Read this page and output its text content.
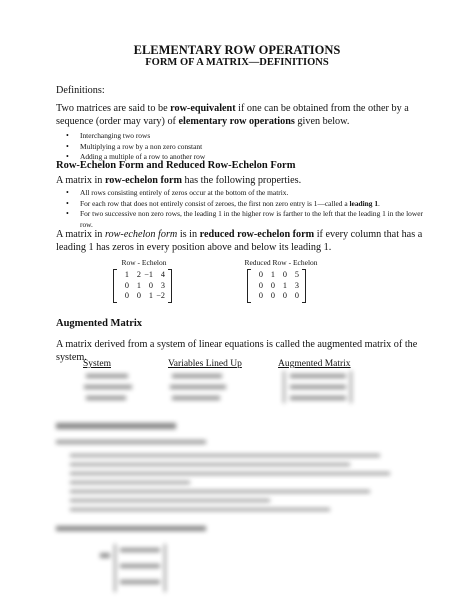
ELEMENTARY ROW OPERATIONS
FORM OF A MATRIX—DEFINITIONS
Definitions:
Two matrices are said to be row-equivalent if one can be obtained from the other by a sequence (order may vary) of elementary row operations given below.
• Interchanging two rows
• Multiplying a row by a non zero constant
• Adding a multiple of a row to another row
Row-Echelon Form and Reduced Row-Echelon Form
A matrix in row-echelon form has the following properties.
• All rows consisting entirely of zeros occur at the bottom of the matrix.
• For each row that does not entirely consist of zeroes, the first non zero entry is 1—called a leading 1.
• For two successive non zero rows, the leading 1 in the higher row is farther to the left that the leading 1 in the lower row.
A matrix in row-echelon form is in reduced row-echelon form if every column that has a leading 1 has zeros in every position above and below its leading 1.
Row - Echelon
1 2 −1 4
0 1 0 3
0 0 1 −2
Reduced Row - Echelon
0 1 0 5
0 0 1 3
0 0 0 0
Augmented Matrix
A matrix derived from a system of linear equations is called the augmented matrix of the system.
System	Variables Lined Up	Augmented Matrix
